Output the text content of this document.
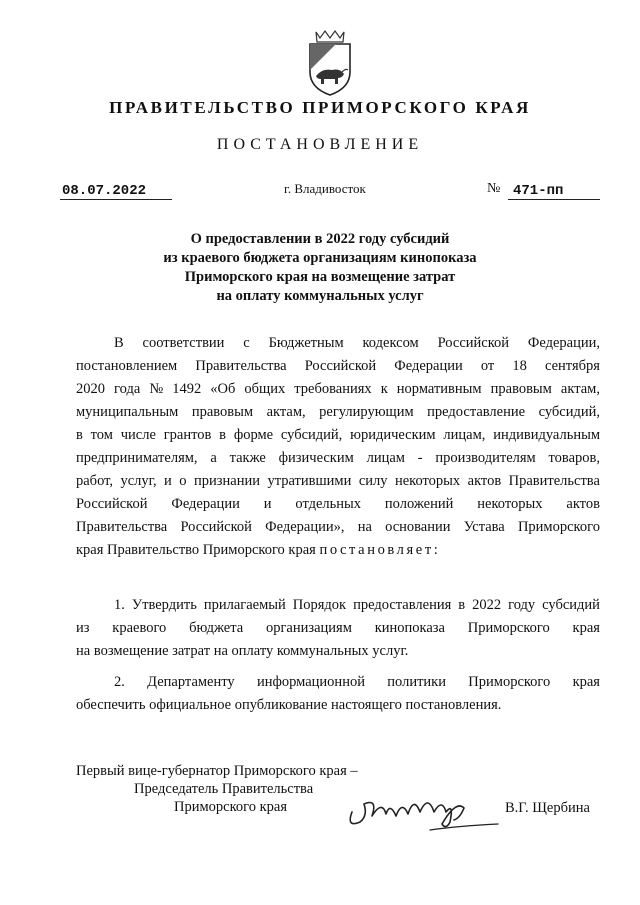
ПРАВИТЕЛЬСТВО ПРИМОРСКОГО КРАЯ
ПОСТАНОВЛЕНИЕ
08.07.2022	г. Владивосток	№ 471-пп
О предоставлении в 2022 году субсидий
из краевого бюджета организациям кинопоказа
Приморского края на возмещение затрат
на оплату коммунальных услуг
В соответствии с Бюджетным кодексом Российской Федерации,
постановлением Правительства Российской Федерации от 18 сентября
2020 года № 1492 «Об общих требованиях к нормативным правовым актам,
муниципальным правовым актам, регулирующим предоставление субсидий,
в том числе грантов в форме субсидий, юридическим лицам, индивидуальным
предпринимателям, а также физическим лицам - производителям товаров,
работ, услуг, и о признании утратившими силу некоторых актов Правительства
Российской Федерации и отдельных положений некоторых актов
Правительства Российской Федерации», на основании Устава Приморского
края Правительство Приморского края постановляет:
1. Утвердить прилагаемый Порядок предоставления в 2022 году субсидий
из краевого бюджета организациям кинопоказа Приморского края
на возмещение затрат на оплату коммунальных услуг.
2. Департаменту информационной политики Приморского края
обеспечить официальное опубликование настоящего постановления.
Первый вице-губернатор Приморского края –
Председатель Правительства
Приморского края	В.Г. Щербина
